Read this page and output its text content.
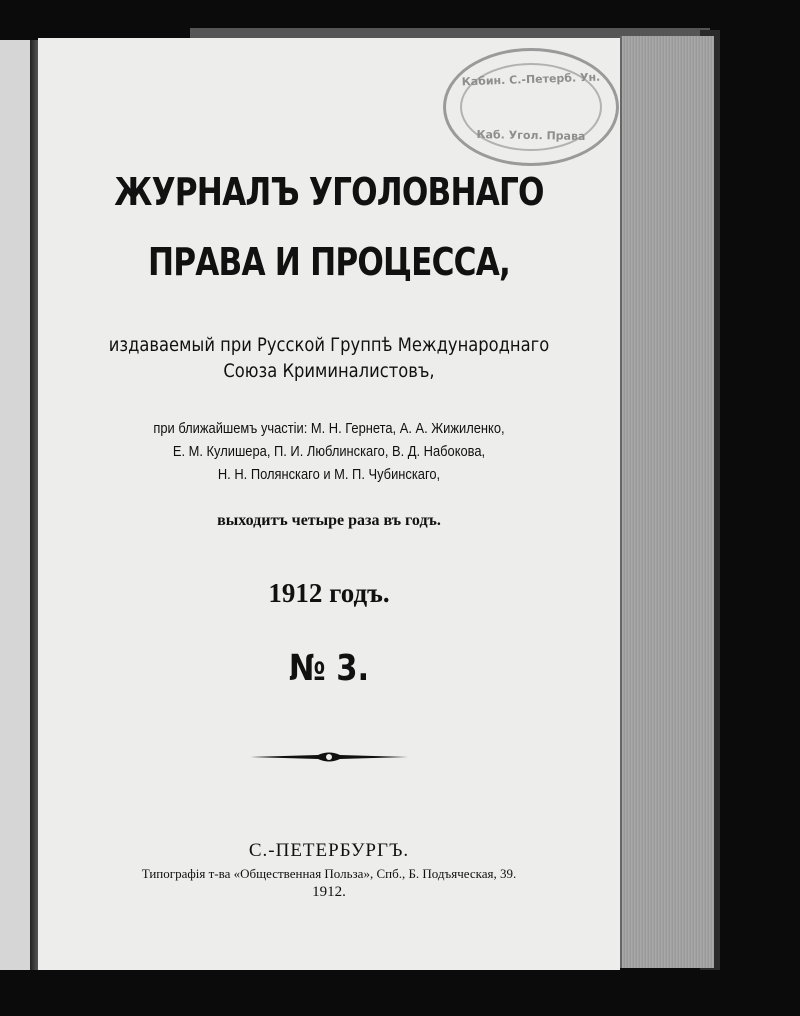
Кабин. С.-Петерб. Ун.
Каб. Угол. Права
ЖУРНАЛЪ УГОЛОВНАГО
ПРАВА И ПРОЦЕССА,
издаваемый при Русской Группѣ Международнаго
Союза Криминалистовъ,
при ближайшемъ участiи: М. Н. Гернета, А. А. Жижиленко,
Е. М. Кулишера, П. И. Люблинскаго, В. Д. Набокова,
Н. Н. Полянскаго и М. П. Чубинскаго,
выходитъ четыре раза въ годъ.
1912 годъ.
№ 3.
С.-ПЕТЕРБУРГЪ.
Типографiя т-ва «Общественная Польза», Спб., Б. Подъяческая, 39.
1912.
